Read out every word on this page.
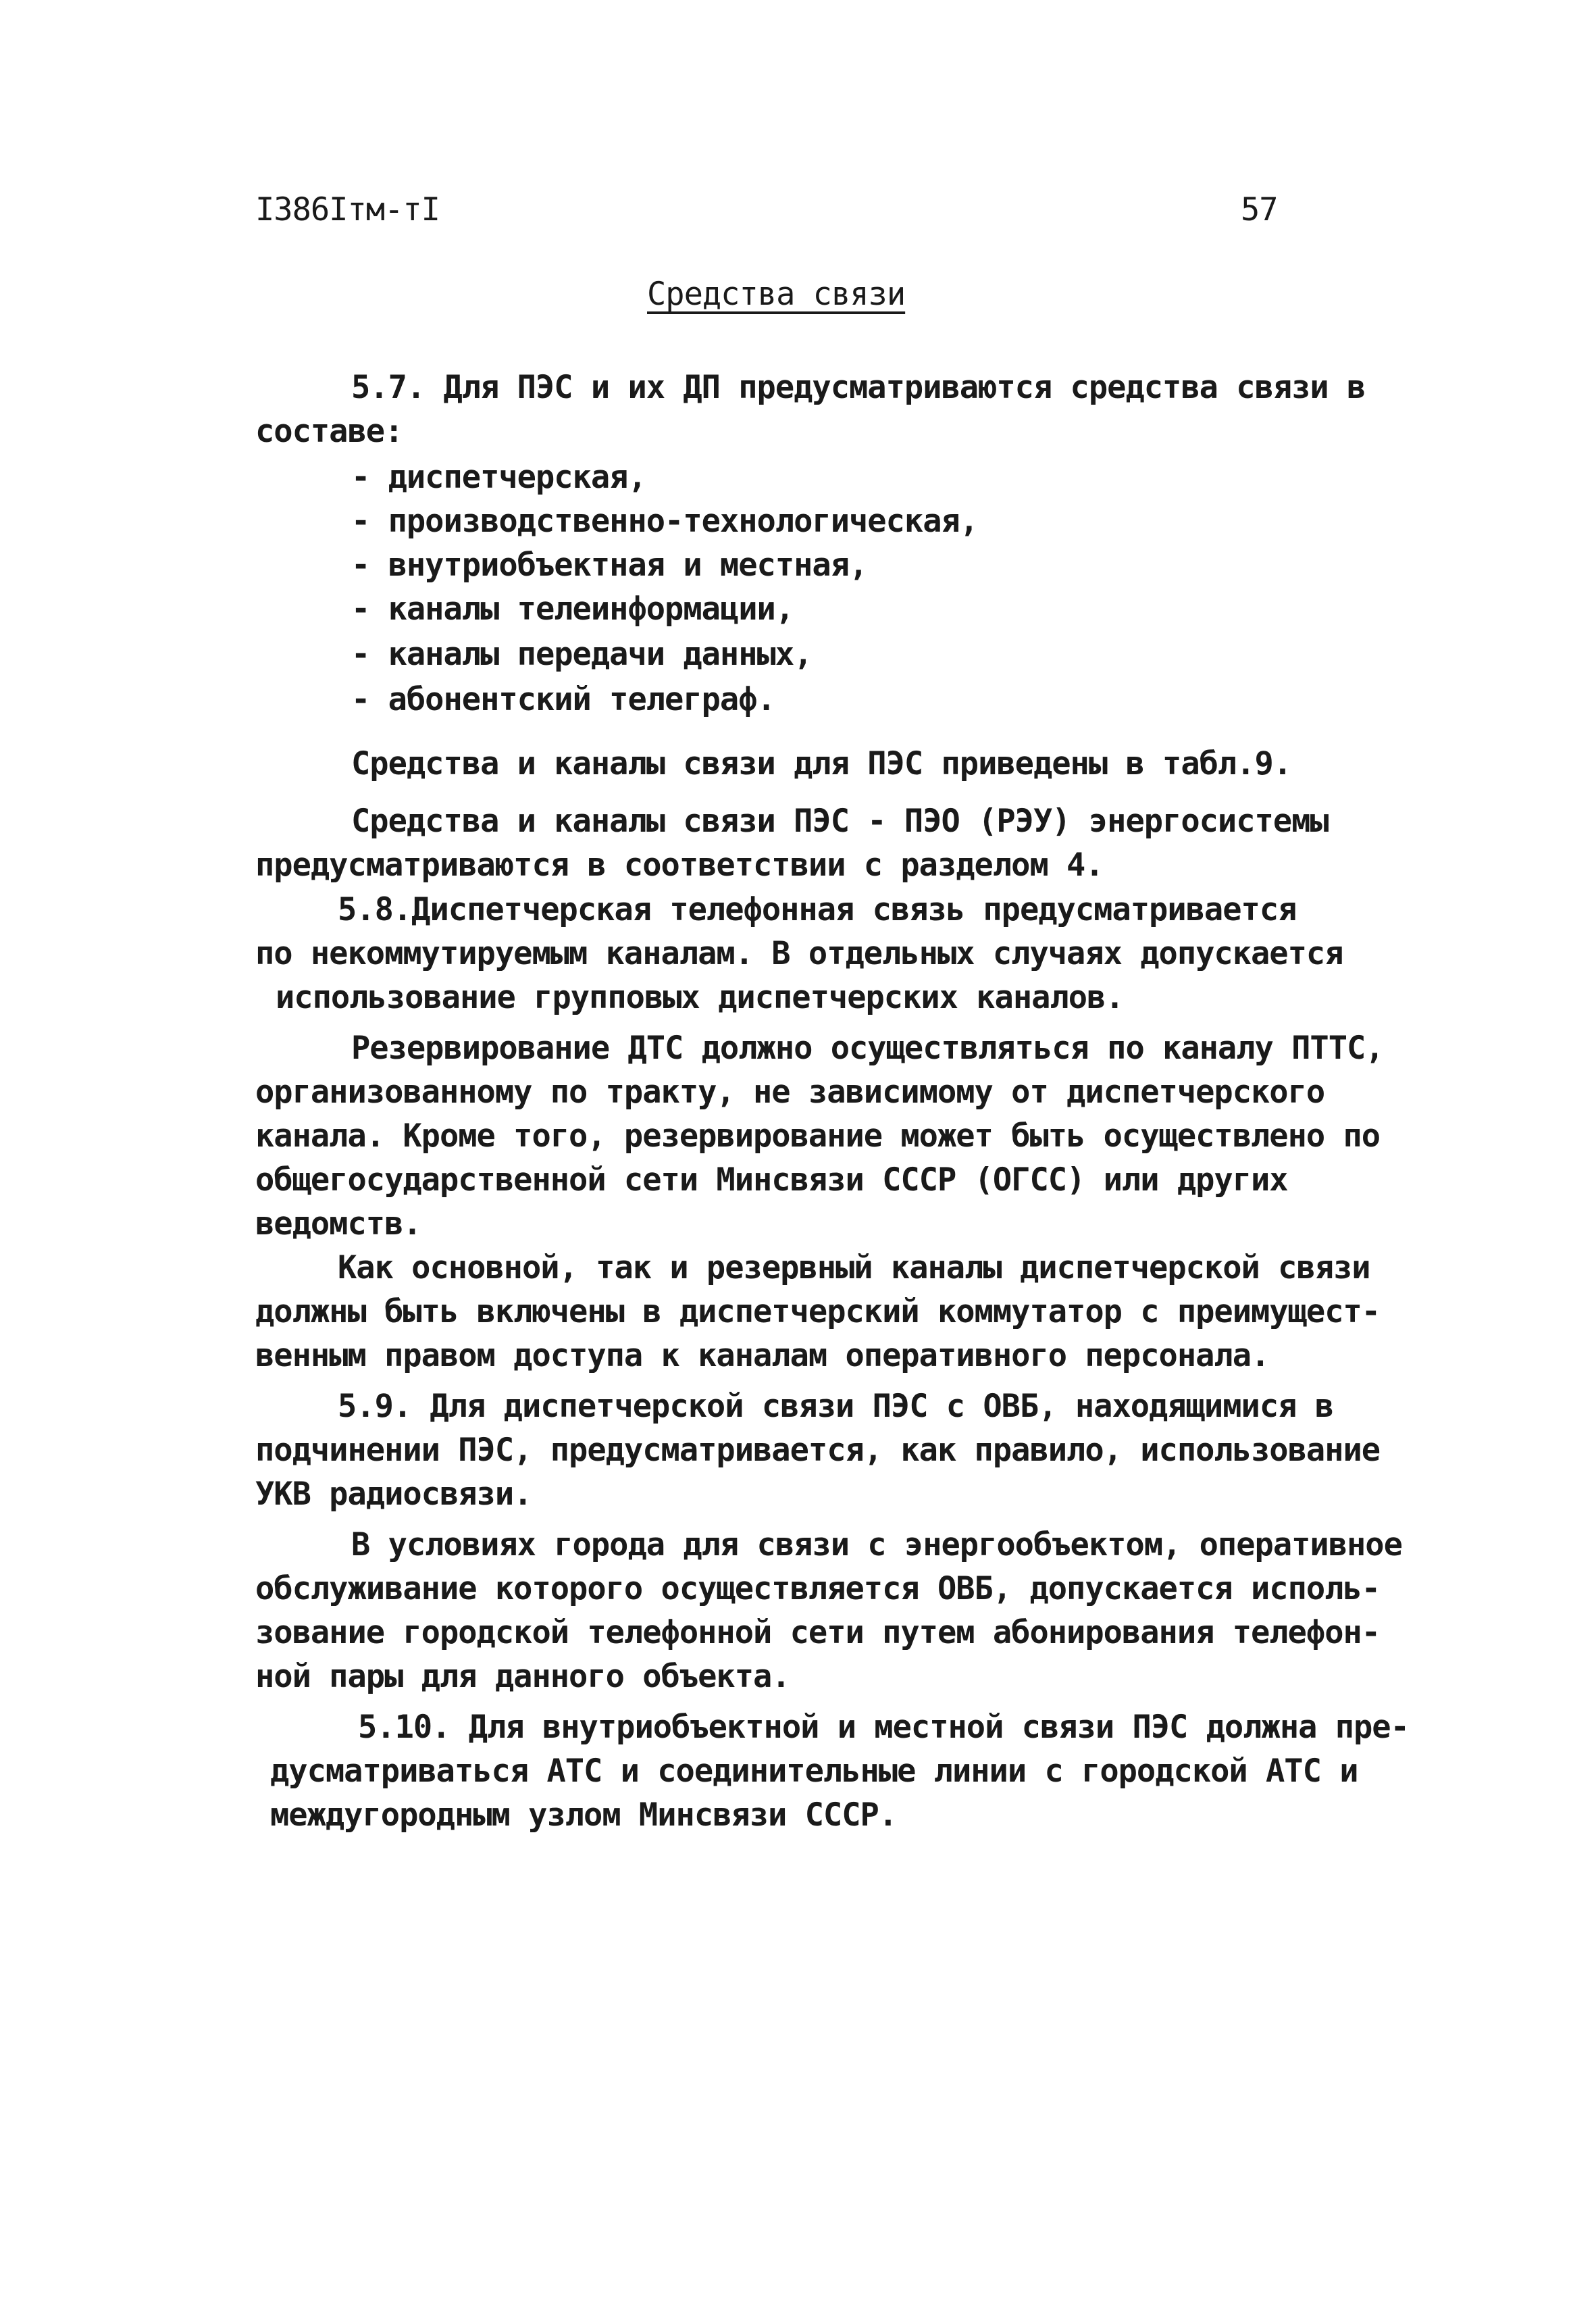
I386Iтм-тI	57
Средства связи
5.7. Для ПЭС и их ДП предусматриваются средства связи в
составе:
- диспетчерская,
- производственно-технологическая,
- внутриобъектная и местная,
- каналы телеинформации,
- каналы передачи данных,
- абонентский телеграф.
Средства и каналы связи для ПЭС приведены в табл.9.
Средства и каналы связи ПЭС - ПЭО (РЭУ) энергосистемы
предусматриваются в соответствии с разделом 4.
5.8.Диспетчерская телефонная связь предусматривается
по некоммутируемым каналам. В отдельных случаях допускается
использование групповых диспетчерских каналов.
Резервирование ДТС должно осуществляться по каналу ПТТС,
организованному по тракту, не зависимому от диспетчерского
канала. Кроме того, резервирование может быть осуществлено по
общегосударственной сети Минсвязи СССР (ОГСС) или других
ведомств.
Как основной, так и резервный каналы диспетчерской связи
должны быть включены в диспетчерский коммутатор с преимущест-
венным правом доступа к каналам оперативного персонала.
5.9. Для диспетчерской связи ПЭС с ОВБ, находящимися в
подчинении ПЭС, предусматривается, как правило, использование
УКВ радиосвязи.
В условиях города для связи с энергообъектом, оперативное
обслуживание которого осуществляется ОВБ, допускается исполь-
зование городской телефонной сети путем абонирования телефон-
ной пары для данного объекта.
5.10. Для внутриобъектной и местной связи ПЭС должна пре-
дусматриваться АТС и соединительные линии с городской АТС и
междугородным узлом Минсвязи СССР.
